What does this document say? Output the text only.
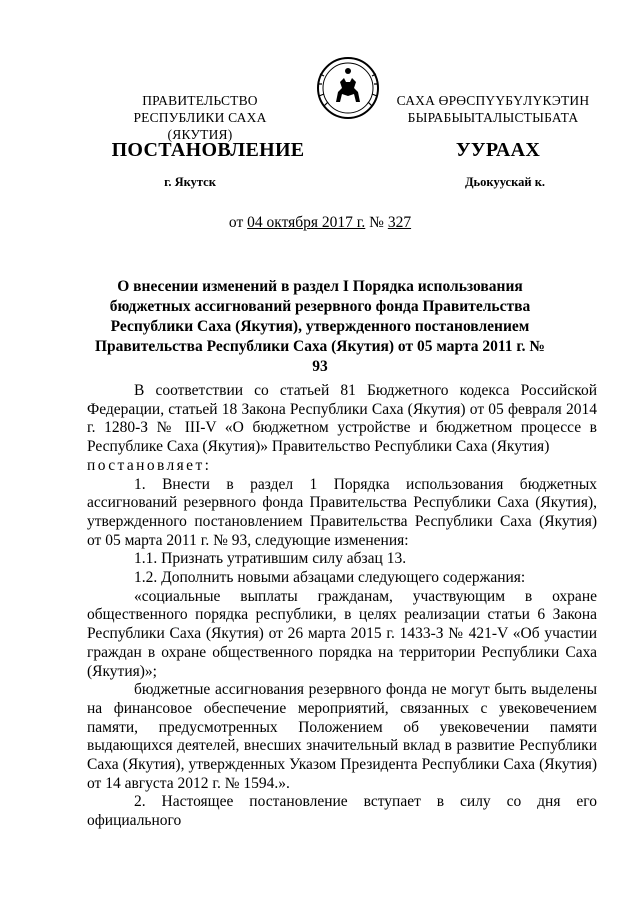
ПРАВИТЕЛЬСТВО
РЕСПУБЛИКИ САХА (ЯКУТИЯ)
САХА ӨРӨСПYYБYЛYКЭТИН
БЫРАБЫЫТАЛЫСТЫБАТА
ПОСТАНОВЛЕНИЕ	УУРААХ
г. Якутск	Дьокуускай к.
от 04 октября 2017 г. № 327
О внесении изменений в раздел I Порядка использования бюджетных ассигнований резервного фонда Правительства Республики Саха (Якутия), утвержденного постановлением Правительства Республики Саха (Якутия) от 05 марта 2011 г. № 93

В соответствии со статьей 81 Бюджетного кодекса Российской Федерации, статьей 18 Закона Республики Саха (Якутия) от 05 февраля 2014 г. 1280-З № III-V «О бюджетном устройстве и бюджетном процессе в Республике Саха (Якутия)» Правительство Республики Саха (Якутия)

постановляет:

1. Внести в раздел 1 Порядка использования бюджетных ассигнований резервного фонда Правительства Республики Саха (Якутия), утвержденного постановлением Правительства Республики Саха (Якутия) от 05 марта 2011 г. № 93, следующие изменения:

1.1. Признать утратившим силу абзац 13.

1.2. Дополнить новыми абзацами следующего содержания:

«социальные выплаты гражданам, участвующим в охране общественного порядка республики, в целях реализации статьи 6 Закона Республики Саха (Якутия) от 26 марта 2015 г. 1433-З № 421-V «Об участии граждан в охране общественного порядка на территории Республики Саха (Якутия)»;

бюджетные ассигнования резервного фонда не могут быть выделены на финансовое обеспечение мероприятий, связанных с увековечением памяти, предусмотренных Положением об увековечении памяти выдающихся деятелей, внесших значительный вклад в развитие Республики Саха (Якутия), утвержденных Указом Президента Республики Саха (Якутия) от 14 августа 2012 г. № 1594.».

2. Настоящее постановление вступает в силу со дня его официального
